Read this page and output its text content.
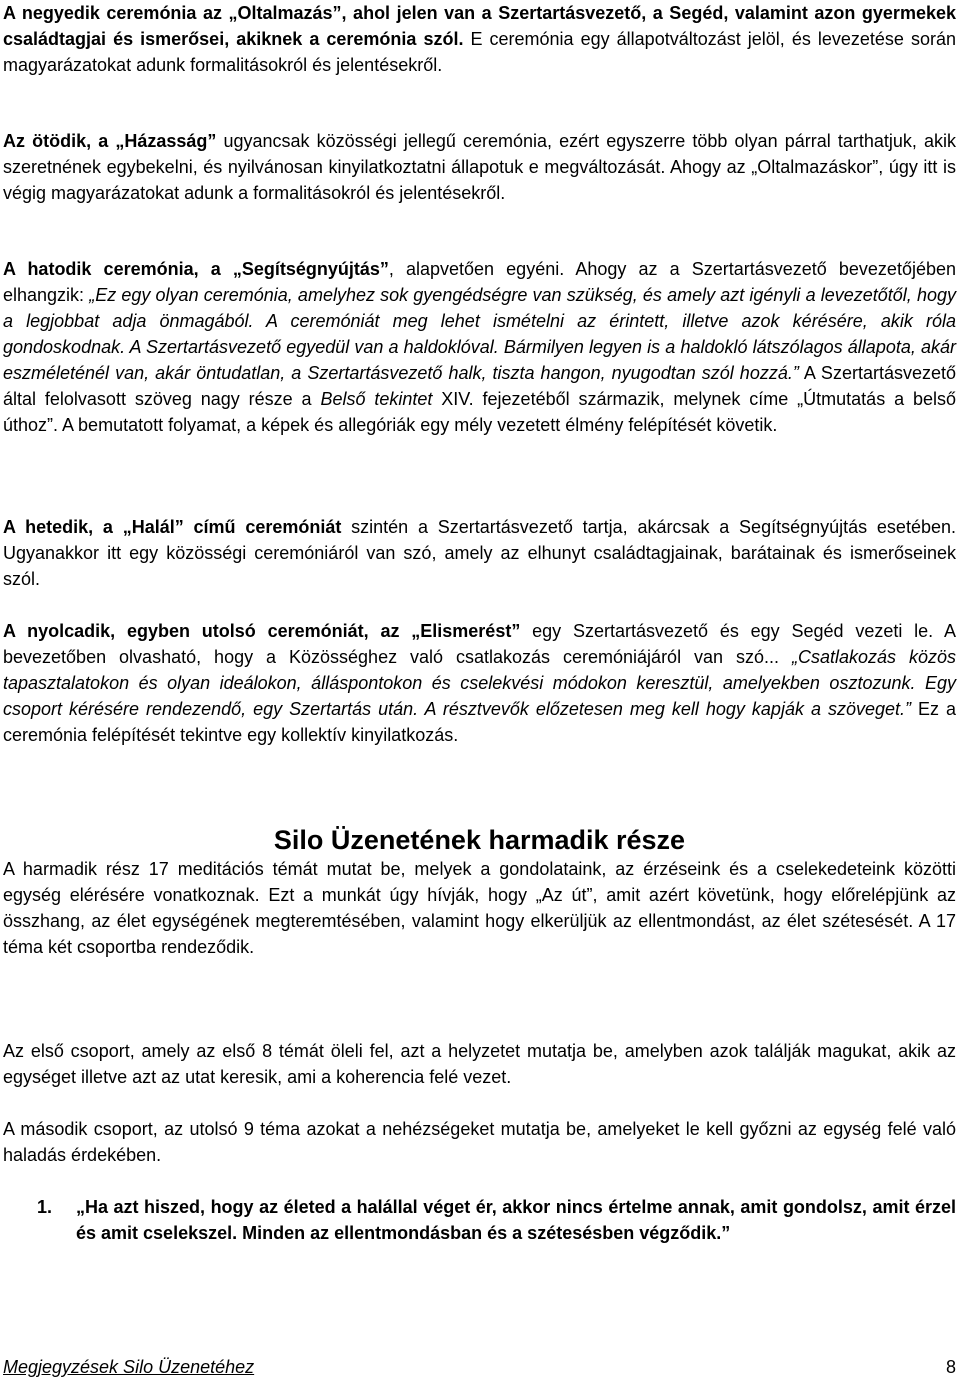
A negyedik ceremónia az „Oltalmazás”, ahol jelen van a Szertartásvezető, a Segéd, valamint azon gyermekek családtagjai és ismerősei, akiknek a ceremónia szól. E ceremónia egy állapotváltozást jelöl, és levezetése során magyarázatokat adunk formalitásokról és jelentésekről.

Az ötödik, a „Házasság” ugyancsak közösségi jellegű ceremónia, ezért egyszerre több olyan párral tarthatjuk, akik szeretnének egybekelni, és nyilvánosan kinyilatkoztatni állapotuk e megváltozását. Ahogy az „Oltalmazáskor”, úgy itt is végig magyarázatokat adunk a formalitásokról és jelentésekről.

A hatodik ceremónia, a „Segítségnyújtás”, alapvetően egyéni. Ahogy az a Szertartásvezető bevezetőjében elhangzik: „Ez egy olyan ceremónia, amelyhez sok gyengédségre van szükség, és amely azt igényli a levezetőtől, hogy a legjobbat adja önmagából. A ceremóniát meg lehet ismételni az érintett, illetve azok kérésére, akik róla gondoskodnak. A Szertartásvezető egyedül van a haldoklóval. Bármilyen legyen is a haldokló látszólagos állapota, akár eszméleténél van, akár öntudatlan, a Szertartásvezető halk, tiszta hangon, nyugodtan szól hozzá.” A Szertartásvezető által felolvasott szöveg nagy része a Belső tekintet XIV. fejezetéből származik, melynek címe „Útmutatás a belső úthoz”. A bemutatott folyamat, a képek és allegóriák egy mély vezetett élmény felépítését követik.

A hetedik, a „Halál” című ceremóniát szintén a Szertartásvezető tartja, akárcsak a Segítségnyújtás esetében. Ugyanakkor itt egy közösségi ceremóniáról van szó, amely az elhunyt családtagjainak, barátainak és ismerőseinek szól.

A nyolcadik, egyben utolsó ceremóniát, az „Elismerést” egy Szertartásvezető és egy Segéd vezeti le. A bevezetőben olvasható, hogy a Közösséghez való csatlakozás ceremóniájáról van szó... „Csatlakozás közös tapasztalatokon és olyan ideálokon, álláspontokon és cselekvési módokon keresztül, amelyekben osztozunk. Egy csoport kérésére rendezendő, egy Szertartás után. A résztvevők előzetesen meg kell hogy kapják a szöveget.” Ez a ceremónia felépítését tekintve egy kollektív kinyilatkozás.

Silo Üzenetének harmadik része

A harmadik rész 17 meditációs témát mutat be, melyek a gondolataink, az érzéseink és a cselekedeteink közötti egység elérésére vonatkoznak. Ezt a munkát úgy hívják, hogy „Az út”, amit azért követünk, hogy előrelépjünk az összhang, az élet egységének megteremtésében, valamint hogy elkerüljük az ellentmondást, az élet szétesését. A 17 téma két csoportba rendeződik.

Az első csoport, amely az első 8 témát öleli fel, azt a helyzetet mutatja be, amelyben azok találják magukat, akik az egységet illetve azt az utat keresik, ami a koherencia felé vezet.

A második csoport, az utolsó 9 téma azokat a nehézségeket mutatja be, amelyeket le kell győzni az egység felé való haladás érdekében.

1. „Ha azt hiszed, hogy az életed a halállal véget ér, akkor nincs értelme annak, amit gondolsz, amit érzel és amit cselekszel. Minden az ellentmondásban és a szétesésben végződik.”
Megjegyzések Silo Üzenetéhez	8
